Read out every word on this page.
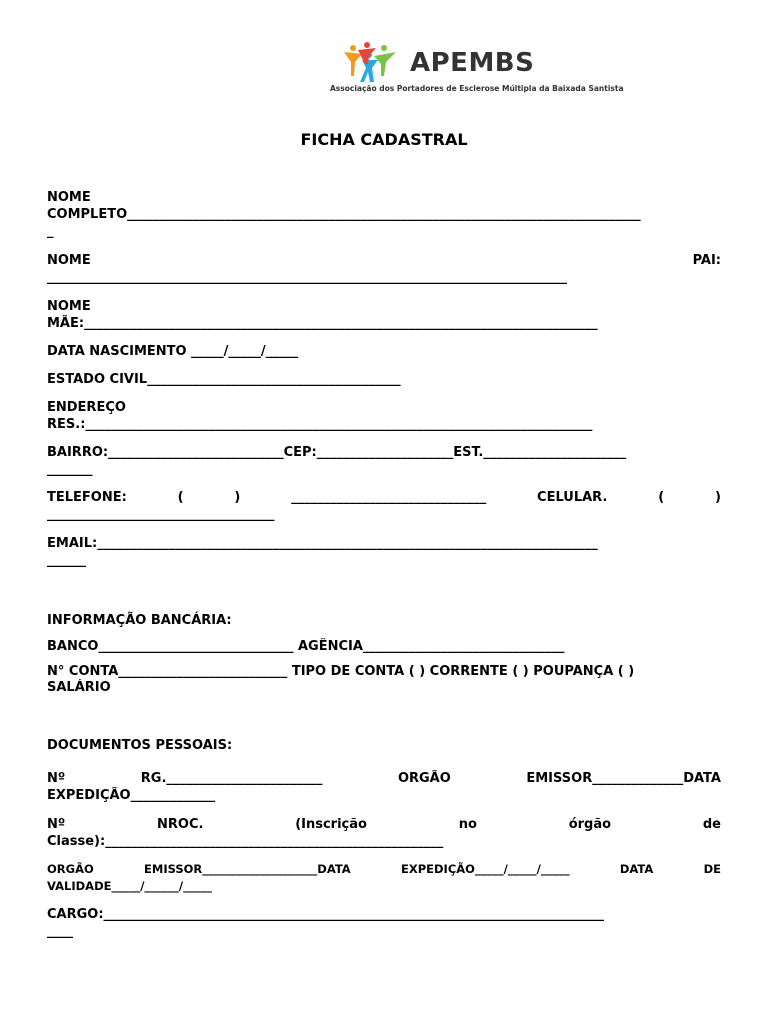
APEMBS
Associação dos Portadores de Esclerose Múltipla da Baixada Santista
FICHA CADASTRAL
NOME
COMPLETO_______________________________________________________________________________
_
NOME	PAI:
________________________________________________________________________________
NOME
MÃE:_______________________________________________________________________________
DATA NASCIMENTO _____/_____/_____
ESTADO CIVIL_______________________________________
ENDEREÇO
RES.:______________________________________________________________________________
BAIRRO:___________________________CEP:_____________________EST.______________________
_______
TELEFONE:	(	)	______________________________	CELULAR.	(	)
___________________________________
EMAIL:_____________________________________________________________________________
______
INFORMAÇÃO BANCÁRIA:
BANCO______________________________ AGÊNCIA_______________________________
N° CONTA__________________________ TIPO DE CONTA ( ) CORRENTE ( ) POUPANÇA ( )
SALÁRIO
DOCUMENTOS PESSOAIS:
Nº	RG.________________________	ORGÃO	EMISSOR______________DATA
EXPEDIÇÃO_____________
Nº	NROC.	(Inscrição	no	órgão	de
Classe):____________________________________________________
ORGÃO	EMISSOR____________________DATA	EXPEDIÇÃO_____/_____/_____	DATA	DE
VALIDADE_____/______/_____
CARGO:_____________________________________________________________________________
____
